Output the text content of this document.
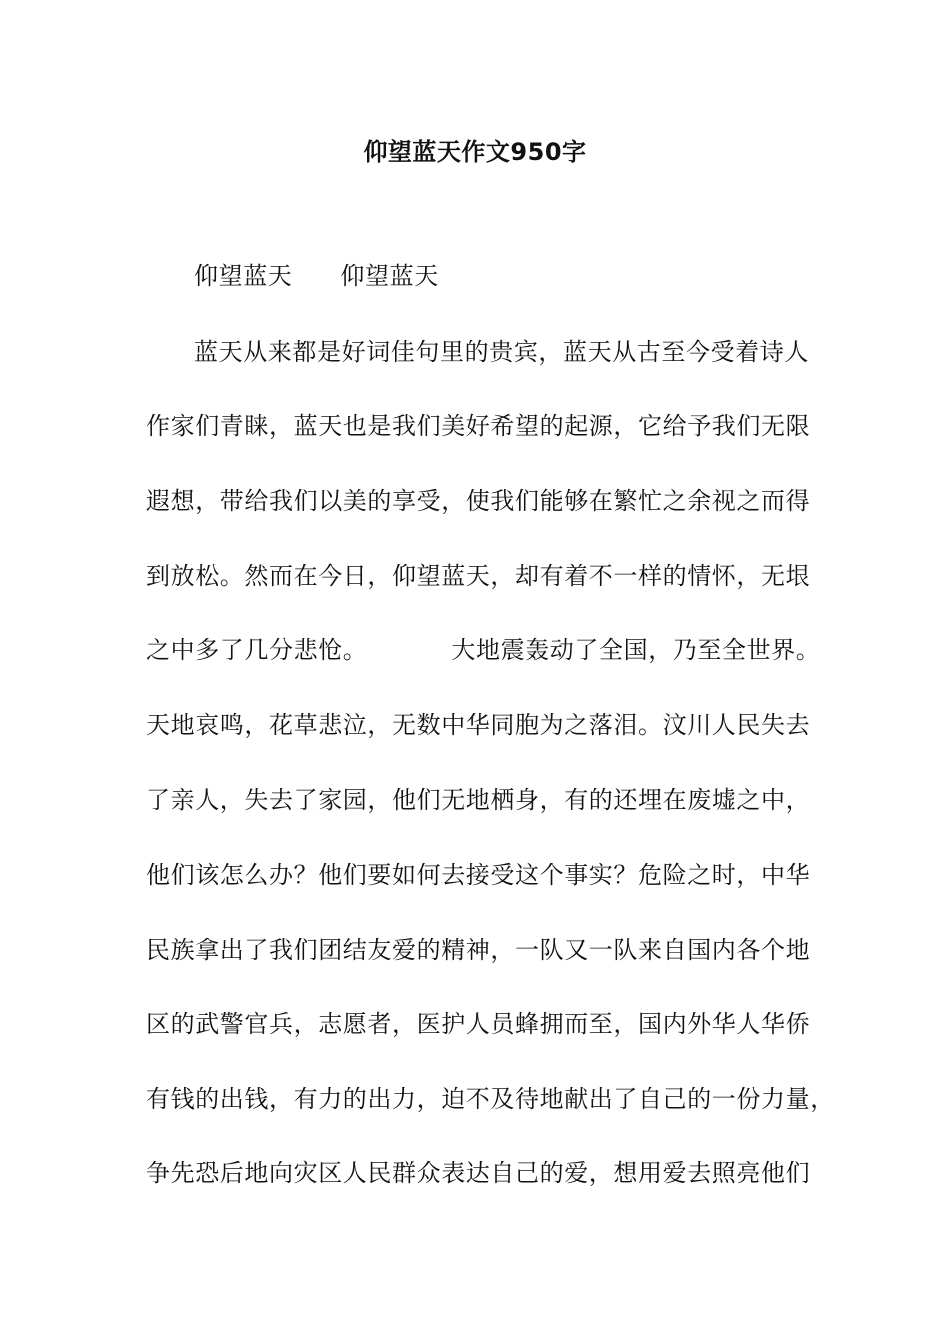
仰望蓝天作文950字
仰望蓝天 仰望蓝天
蓝天从来都是好词佳句里的贵宾，蓝天从古至今受着诗人
作家们青睐，蓝天也是我们美好希望的起源，它给予我们无限
遐想，带给我们以美的享受，使我们能够在繁忙之余视之而得
到放松。然而在今日，仰望蓝天，却有着不一样的情怀，无垠
之中多了几分悲怆。	大地震轰动了全国，乃至全世界。
天地哀鸣，花草悲泣，无数中华同胞为之落泪。汶川人民失去
了亲人，失去了家园，他们无地栖身，有的还埋在废墟之中，
他们该怎么办？他们要如何去接受这个事实？危险之时，中华
民族拿出了我们团结友爱的精神，一队又一队来自国内各个地
区的武警官兵，志愿者，医护人员蜂拥而至，国内外华人华侨
有钱的出钱，有力的出力，迫不及待地献出了自己的一份力量，
争先恐后地向灾区人民群众表达自己的爱，想用爱去照亮他们
